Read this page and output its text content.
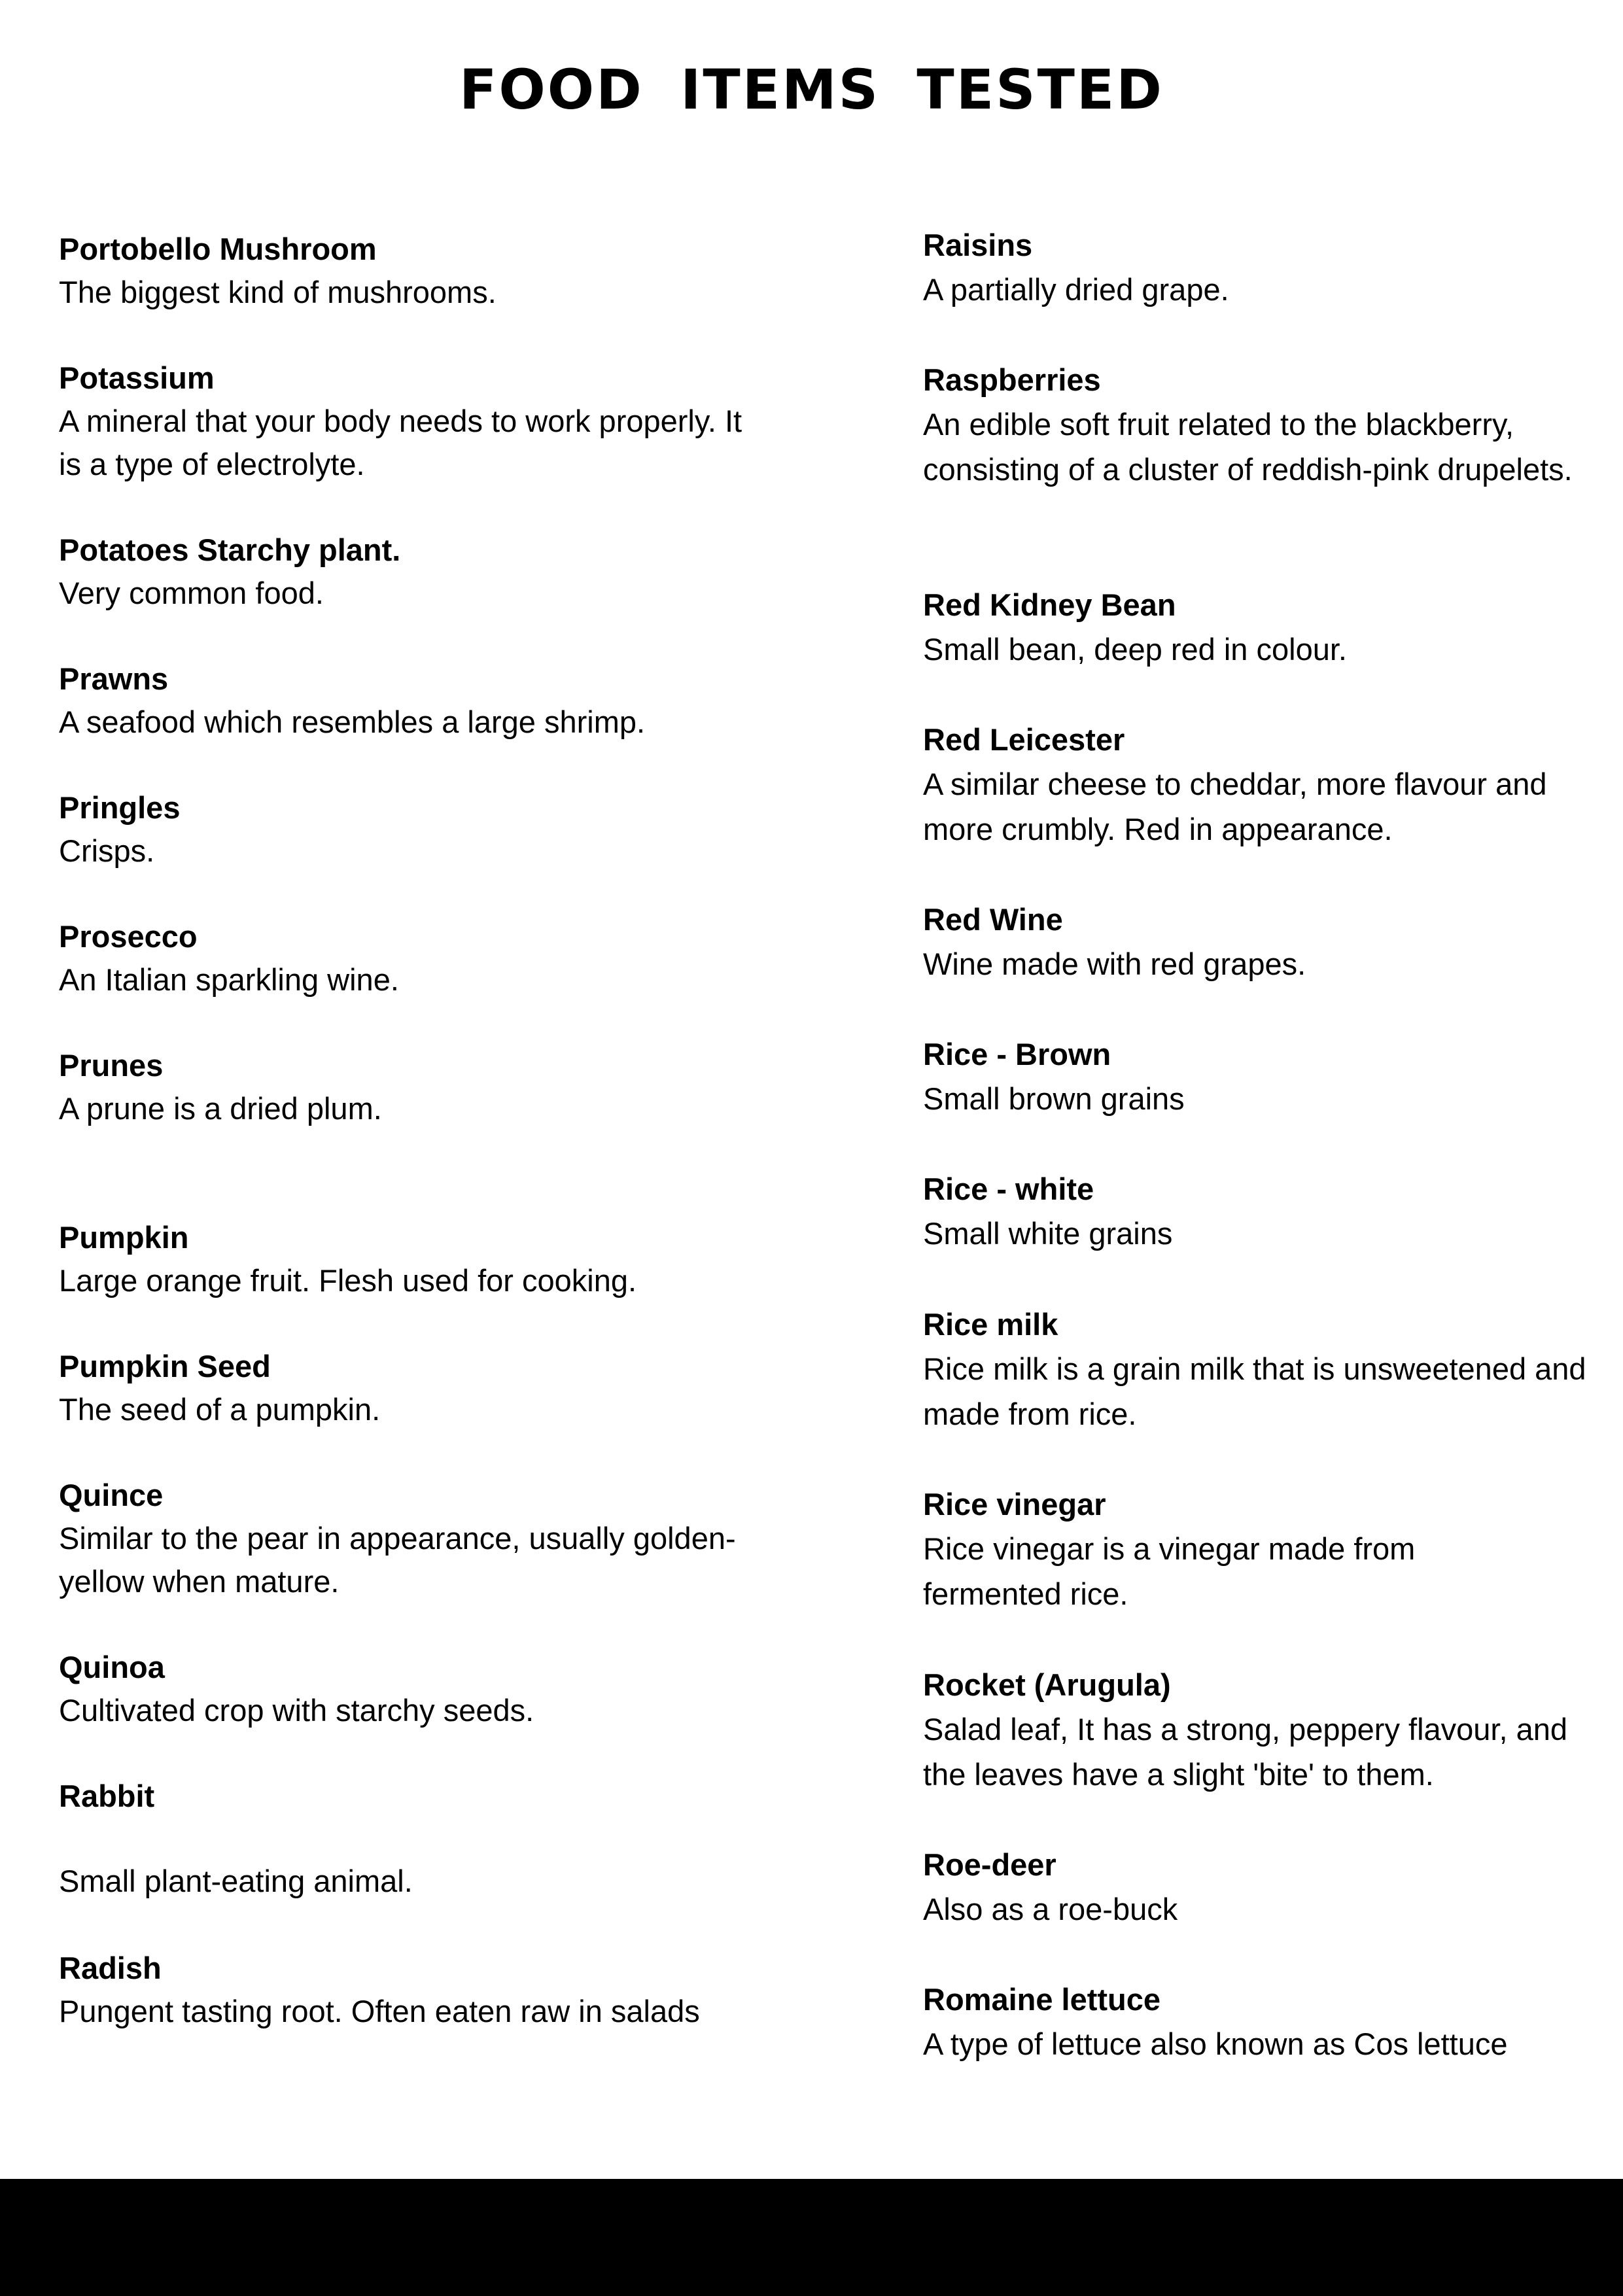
FOOD ITEMS TESTED
Portobello Mushroom
The biggest kind of mushrooms.
Potassium
A mineral that your body needs to work properly. It is a type of electrolyte.
Potatoes Starchy plant.
Very common food.
Prawns
A seafood which resembles a large shrimp.
Pringles
Crisps.
Prosecco
An Italian sparkling wine.
Prunes
A prune is a dried plum.
Pumpkin
Large orange fruit. Flesh used for cooking.
Pumpkin Seed
The seed of a pumpkin.
Quince
Similar to the pear in appearance, usually golden-yellow when mature.
Quinoa
Cultivated crop with starchy seeds.
Rabbit
Small plant-eating animal.
Radish
Pungent tasting root. Often eaten raw in salads
Raisins
A partially dried grape.
Raspberries
An edible soft fruit related to the blackberry, consisting of a cluster of reddish-pink drupelets.
Red Kidney Bean
Small bean, deep red in colour.
Red Leicester
A similar cheese to cheddar, more flavour and more crumbly. Red in appearance.
Red Wine
Wine made with red grapes.
Rice - Brown
Small brown grains
Rice - white
Small white grains
Rice milk
Rice milk is a grain milk that is unsweetened and made from rice.
Rice vinegar
Rice vinegar is a vinegar made from fermented rice.
Rocket (Arugula)
Salad leaf, It has a strong, peppery flavour, and the leaves have a slight 'bite' to them.
Roe-deer
Also as a roe-buck
Romaine lettuce
A type of lettuce also known as Cos lettuce
